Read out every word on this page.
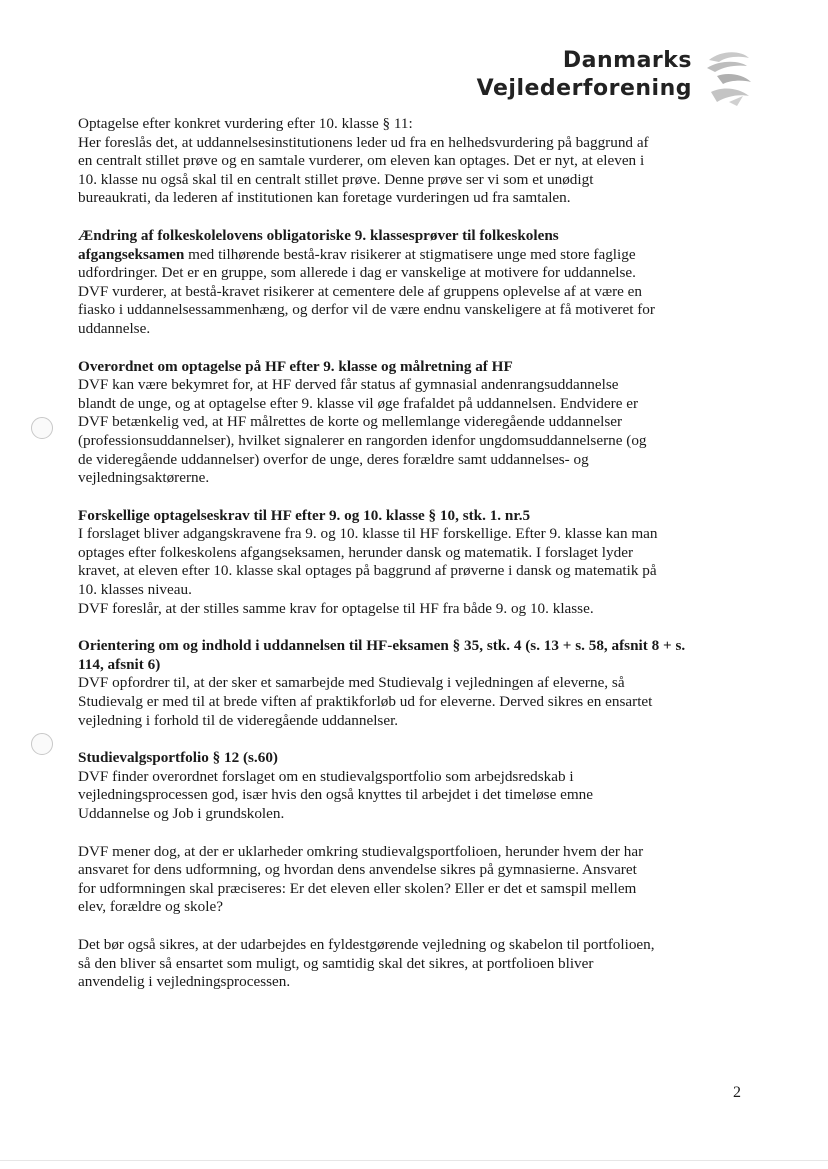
Danmarks
Vejlederforening

Optagelse efter konkret vurdering efter 10. klasse § 11:

Her foreslås det, at uddannelsesinstitutionens leder ud fra en helhedsvurdering på baggrund af

en centralt stillet prøve og en samtale vurderer, om eleven kan optages. Det er nyt, at eleven i

10. klasse nu også skal til en centralt stillet prøve. Denne prøve ser vi som et unødigt

bureaukrati, da lederen af institutionen kan foretage vurderingen ud fra samtalen.

Ændring af folkeskolelovens obligatoriske 9. klassesprøver til folkeskolens

afgangseksamen med tilhørende bestå-krav risikerer at stigmatisere unge med store faglige

udfordringer. Det er en gruppe, som allerede i dag er vanskelige at motivere for uddannelse.

DVF vurderer, at bestå-kravet risikerer at cementere dele af gruppens oplevelse af at være en

fiasko i uddannelsessammenhæng, og derfor vil de være endnu vanskeligere at få motiveret for

uddannelse.

Overordnet om optagelse på HF efter 9. klasse og målretning af HF

DVF kan være bekymret for, at HF derved får status af gymnasial andenrangsuddannelse

blandt de unge, og at optagelse efter 9. klasse vil øge frafaldet på uddannelsen. Endvidere er

DVF betænkelig ved, at HF målrettes de korte og mellemlange videregående uddannelser

(professionsuddannelser), hvilket signalerer en rangorden idenfor ungdomsuddannelserne (og

de videregående uddannelser) overfor de unge, deres forældre samt uddannelses- og

vejledningsaktørerne.

Forskellige optagelseskrav til HF efter 9. og 10. klasse § 10, stk. 1. nr.5

I forslaget bliver adgangskravene fra 9. og 10. klasse til HF forskellige. Efter 9. klasse kan man

optages efter folkeskolens afgangseksamen, herunder dansk og matematik. I forslaget lyder

kravet, at eleven efter 10. klasse skal optages på baggrund af prøverne i dansk og matematik på

10. klasses niveau.

DVF foreslår, at der stilles samme krav for optagelse til HF fra både 9. og 10. klasse.

Orientering om og indhold i uddannelsen til HF-eksamen § 35, stk. 4 (s. 13 + s. 58, afsnit 8 + s.

114, afsnit 6)

DVF opfordrer til, at der sker et samarbejde med Studievalg i vejledningen af eleverne, så

Studievalg er med til at brede viften af praktikforløb ud for eleverne. Derved sikres en ensartet

vejledning i forhold til de videregående uddannelser.

Studievalgsportfolio § 12 (s.60)

DVF finder overordnet forslaget om en studievalgsportfolio som arbejdsredskab i

vejledningsprocessen god, især hvis den også knyttes til arbejdet i det timeløse emne

Uddannelse og Job i grundskolen.

DVF mener dog, at der er uklarheder omkring studievalgsportfolioen, herunder hvem der har

ansvaret for dens udformning, og hvordan dens anvendelse sikres på gymnasierne. Ansvaret

for udformningen skal præciseres: Er det eleven eller skolen? Eller er det et samspil mellem

elev, forældre og skole?

Det bør også sikres, at der udarbejdes en fyldestgørende vejledning og skabelon til portfolioen,

så den bliver så ensartet som muligt, og samtidig skal det sikres, at portfolioen bliver

anvendelig i vejledningsprocessen.

2
